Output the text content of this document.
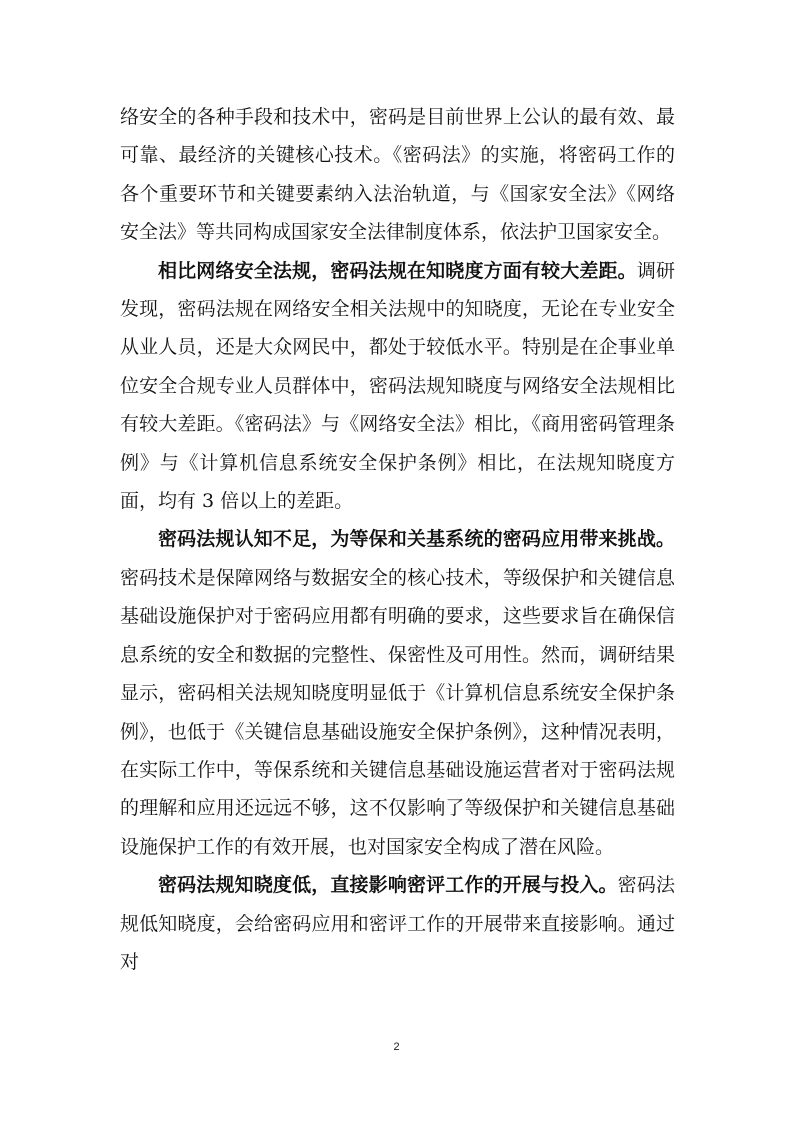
络安全的各种手段和技术中，密码是目前世界上公认的最有效、最可靠、最经济的关键核心技术。《密码法》的实施，将密码工作的各个重要环节和关键要素纳入法治轨道，与《国家安全法》《网络安全法》等共同构成国家安全法律制度体系，依法护卫国家安全。

相比网络安全法规，密码法规在知晓度方面有较大差距。调研发现，密码法规在网络安全相关法规中的知晓度，无论在专业安全从业人员，还是大众网民中，都处于较低水平。特别是在企事业单位安全合规专业人员群体中，密码法规知晓度与网络安全法规相比有较大差距。《密码法》与《网络安全法》相比，《商用密码管理条例》与《计算机信息系统安全保护条例》相比，在法规知晓度方面，均有 3 倍以上的差距。

密码法规认知不足，为等保和关基系统的密码应用带来挑战。密码技术是保障网络与数据安全的核心技术，等级保护和关键信息基础设施保护对于密码应用都有明确的要求，这些要求旨在确保信息系统的安全和数据的完整性、保密性及可用性。然而，调研结果显示，密码相关法规知晓度明显低于《计算机信息系统安全保护条例》，也低于《关键信息基础设施安全保护条例》，这种情况表明，在实际工作中，等保系统和关键信息基础设施运营者对于密码法规的理解和应用还远远不够，这不仅影响了等级保护和关键信息基础设施保护工作的有效开展，也对国家安全构成了潜在风险。

密码法规知晓度低，直接影响密评工作的开展与投入。密码法规低知晓度，会给密码应用和密评工作的开展带来直接影响。通过对

2
